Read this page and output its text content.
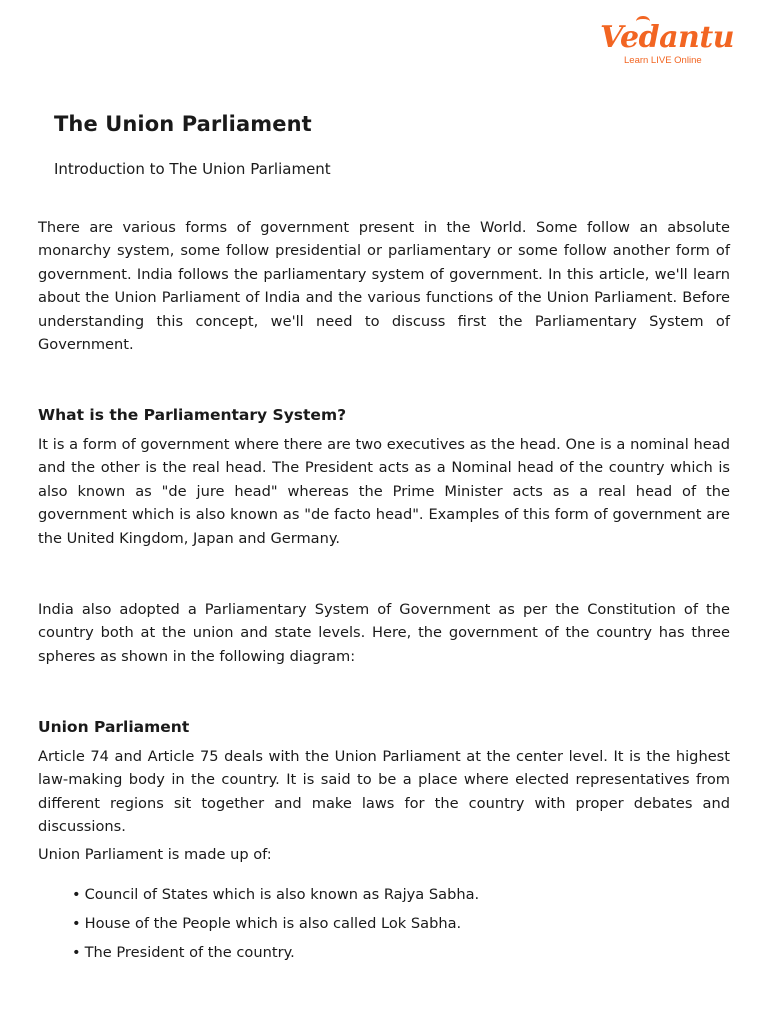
Vedantu
Learn LIVE Online
The Union Parliament
Introduction to The Union Parliament

There are various forms of government present in the World. Some follow an absolute monarchy system, some follow presidential or parliamentary or some follow another form of government. India follows the parliamentary system of government. In this article, we'll learn about the Union Parliament of India and the various functions of the Union Parliament. Before understanding this concept, we'll need to discuss first the Parliamentary System of Government.

What is the Parliamentary System?

It is a form of government where there are two executives as the head. One is a nominal head and the other is the real head. The President acts as a Nominal head of the country which is also known as "de jure head" whereas the Prime Minister acts as a real head of the government which is also known as "de facto head". Examples of this form of government are the United Kingdom, Japan and Germany.

India also adopted a Parliamentary System of Government as per the Constitution of the country both at the union and state levels. Here, the government of the country has three spheres as shown in the following diagram:

Union Parliament

Article 74 and Article 75 deals with the Union Parliament at the center level. It is the highest law-making body in the country. It is said to be a place where elected representatives from different regions sit together and make laws for the country with proper debates and discussions.

Union Parliament is made up of:
• Council of States which is also known as Rajya Sabha.
• House of the People which is also called Lok Sabha.
• The President of the country.
